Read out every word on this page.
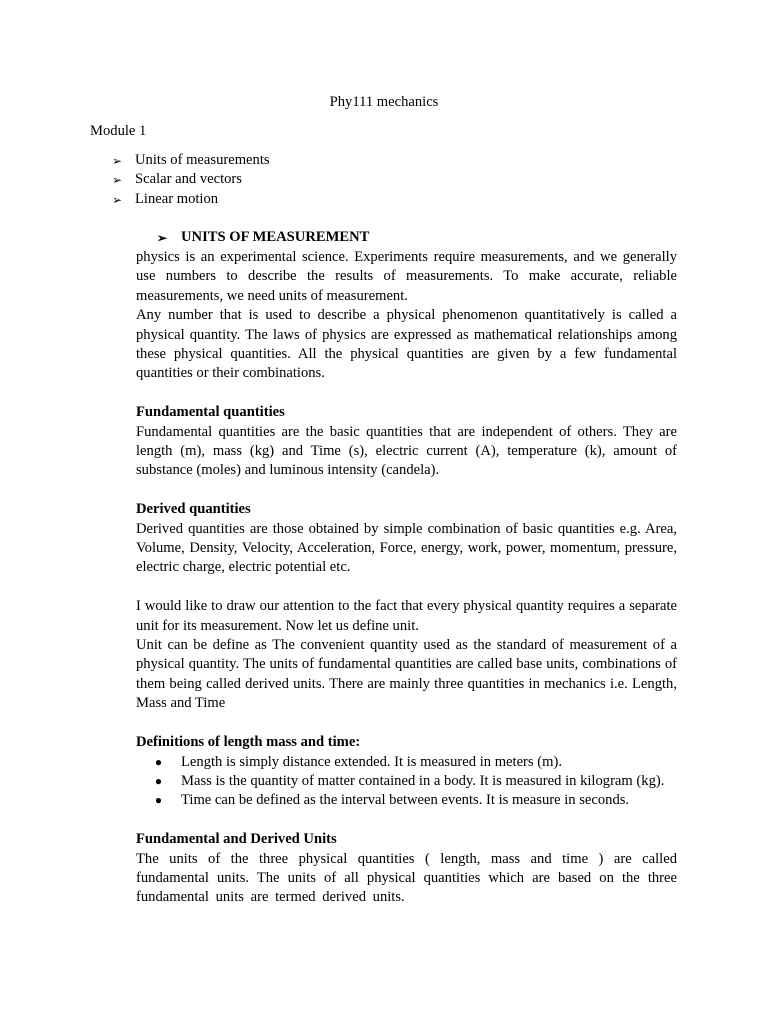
Phy111 mechanics
Module 1
➢ Units of measurements
➢ Scalar and vectors
➢ Linear motion
➢ UNITS OF MEASUREMENT

physics is an experimental science. Experiments require measurements, and we generally use numbers to describe the results of measurements. To make accurate, reliable measurements, we need units of measurement.

Any number that is used to describe a physical phenomenon quantitatively is called a physical quantity. The laws of physics are expressed as mathematical relationships among these physical quantities. All the physical quantities are given by a few fundamental quantities or their combinations.

Fundamental quantities

Fundamental quantities are the basic quantities that are independent of others. They are length (m), mass (kg) and Time (s), electric current (A), temperature (k), amount of substance (moles) and luminous intensity (candela).

Derived quantities

Derived quantities are those obtained by simple combination of basic quantities e.g. Area, Volume, Density, Velocity, Acceleration, Force, energy, work, power, momentum, pressure, electric charge, electric potential etc.

I would like to draw our attention to the fact that every physical quantity requires a separate unit for its measurement. Now let us define unit.

Unit can be define as The convenient quantity used as the standard of measurement of a physical quantity. The units of fundamental quantities are called base units, combinations of them being called derived units. There are mainly three quantities in mechanics i.e. Length, Mass and Time

Definitions of length mass and time:

●	Length is simply distance extended. It is measured in meters (m).
●	Mass is the quantity of matter contained in a body. It is measured in kilogram (kg).
●	Time can be defined as the interval between events. It is measure in seconds.

Fundamental and Derived Units

The units of the three physical quantities ( length, mass and time ) are called fundamental units. The units of all physical quantities which are based on the three fundamental units are termed derived units.
